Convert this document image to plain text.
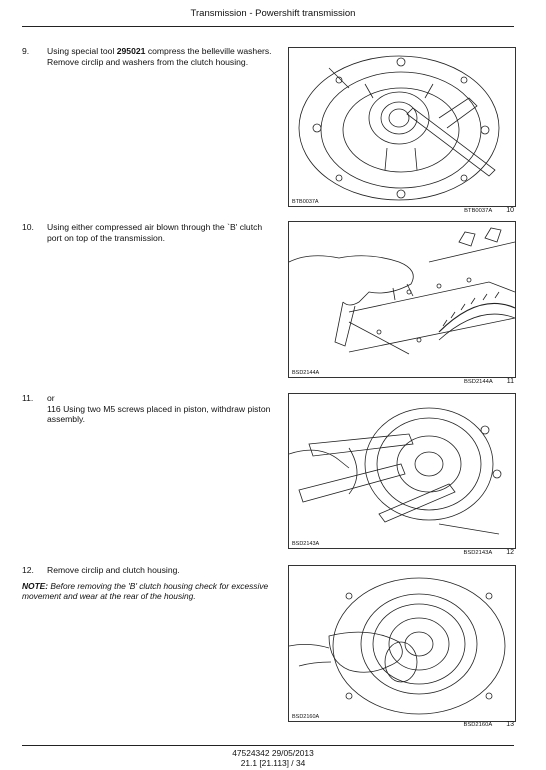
Transmission - Powershift transmission
9. Using special tool 295021 compress the belleville washers. Remove circlip and washers from the clutch housing.
10. Using either compressed air blown through the `B' clutch port on top of the transmission.
11. or
116 Using two M5 screws placed in piston, withdraw piston assembly.
12. Remove circlip and clutch housing.
NOTE: Before removing the 'B' clutch housing check for excessive movement and wear at the rear of the housing.
BTB0037A
BTB0037A 10
BSD2144A
BSD2144A 11
BSD2143A
BSD2143A 12
BSD2160A
BSD2160A 13
47524342 29/05/2013
21.1 [21.113] / 34
